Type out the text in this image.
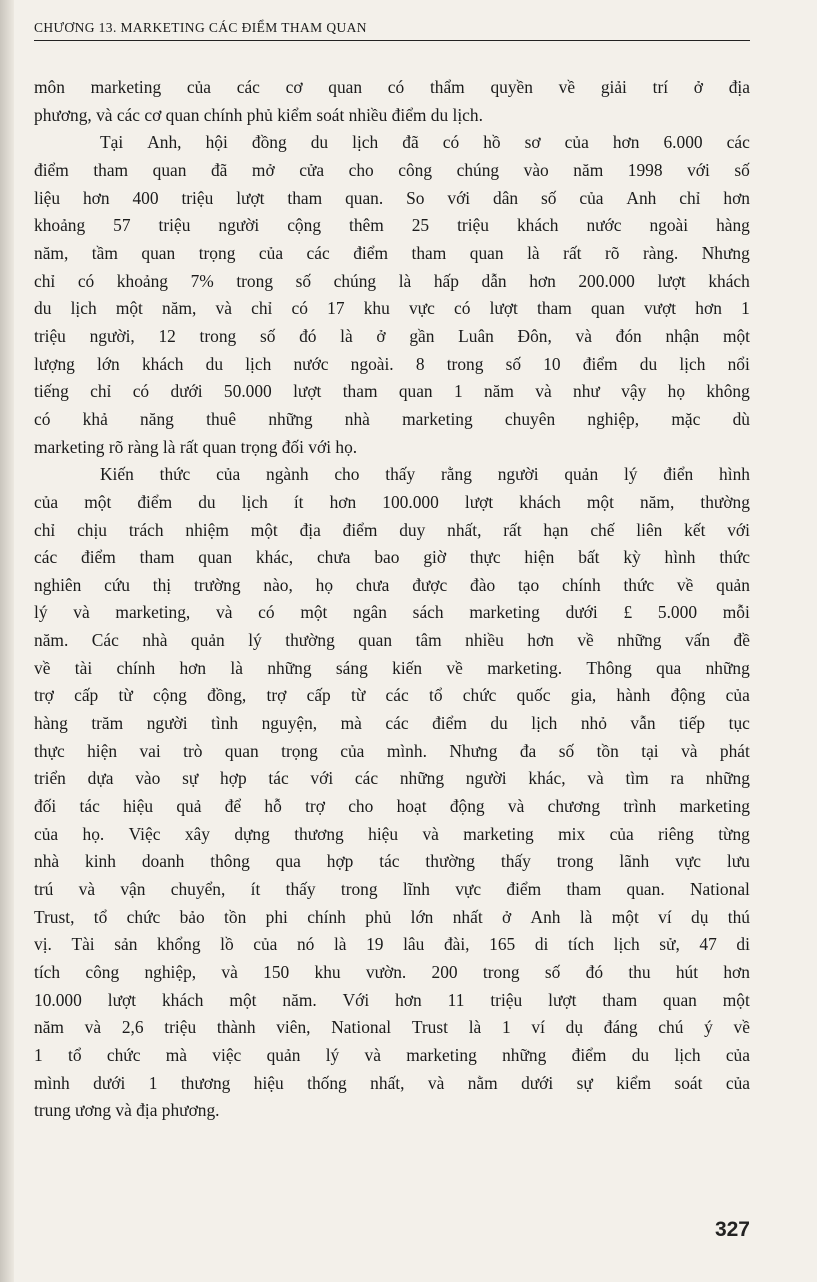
CHƯƠNG 13. MARKETING CÁC ĐIỂM THAM QUAN
môn marketing của các cơ quan có thẩm quyền về giải trí ở địa
phương, và các cơ quan chính phủ kiểm soát nhiều điểm du lịch.
Tại Anh, hội đồng du lịch đã có hồ sơ của hơn 6.000 các
điểm tham quan đã mở cửa cho công chúng vào năm 1998 với số
liệu hơn 400 triệu lượt tham quan. So với dân số của Anh chỉ hơn
khoảng 57 triệu người cộng thêm 25 triệu khách nước ngoài hàng
năm, tầm quan trọng của các điểm tham quan là rất rõ ràng. Nhưng
chỉ có khoảng 7% trong số chúng là hấp dẫn hơn 200.000 lượt khách
du lịch một năm, và chỉ có 17 khu vực có lượt tham quan vượt hơn 1
triệu người, 12 trong số đó là ở gần Luân Đôn, và đón nhận một
lượng lớn khách du lịch nước ngoài. 8 trong số 10 điểm du lịch nổi
tiếng chỉ có dưới 50.000 lượt tham quan 1 năm và như vậy họ không
có khả năng thuê những nhà marketing chuyên nghiệp, mặc dù
marketing rõ ràng là rất quan trọng đối với họ.
Kiến thức của ngành cho thấy rằng người quản lý điển hình
của một điểm du lịch ít hơn 100.000 lượt khách một năm, thường
chỉ chịu trách nhiệm một địa điểm duy nhất, rất hạn chế liên kết với
các điểm tham quan khác, chưa bao giờ thực hiện bất kỳ hình thức
nghiên cứu thị trường nào, họ chưa được đào tạo chính thức về quản
lý và marketing, và có một ngân sách marketing dưới £ 5.000 mỗi
năm. Các nhà quản lý thường quan tâm nhiều hơn về những vấn đề
về tài chính hơn là những sáng kiến về marketing. Thông qua những
trợ cấp từ cộng đồng, trợ cấp từ các tổ chức quốc gia, hành động của
hàng trăm người tình nguyện, mà các điểm du lịch nhỏ vẫn tiếp tục
thực hiện vai trò quan trọng của mình. Nhưng đa số tồn tại và phát
triển dựa vào sự hợp tác với các những người khác, và tìm ra những
đối tác hiệu quả để hỗ trợ cho hoạt động và chương trình marketing
của họ. Việc xây dựng thương hiệu và marketing mix của riêng từng
nhà kinh doanh thông qua hợp tác thường thấy trong lãnh vực lưu
trú và vận chuyển, ít thấy trong lĩnh vực điểm tham quan. National
Trust, tổ chức bảo tồn phi chính phủ lớn nhất ở Anh là một ví dụ thú
vị. Tài sản khổng lồ của nó là 19 lâu đài, 165 di tích lịch sử, 47 di
tích công nghiệp, và 150 khu vườn. 200 trong số đó thu hút hơn
10.000 lượt khách một năm. Với hơn 11 triệu lượt tham quan một
năm và 2,6 triệu thành viên, National Trust là 1 ví dụ đáng chú ý về
1 tổ chức mà việc quản lý và marketing những điểm du lịch của
mình dưới 1 thương hiệu thống nhất, và nằm dưới sự kiểm soát của
trung ương và địa phương.
327
